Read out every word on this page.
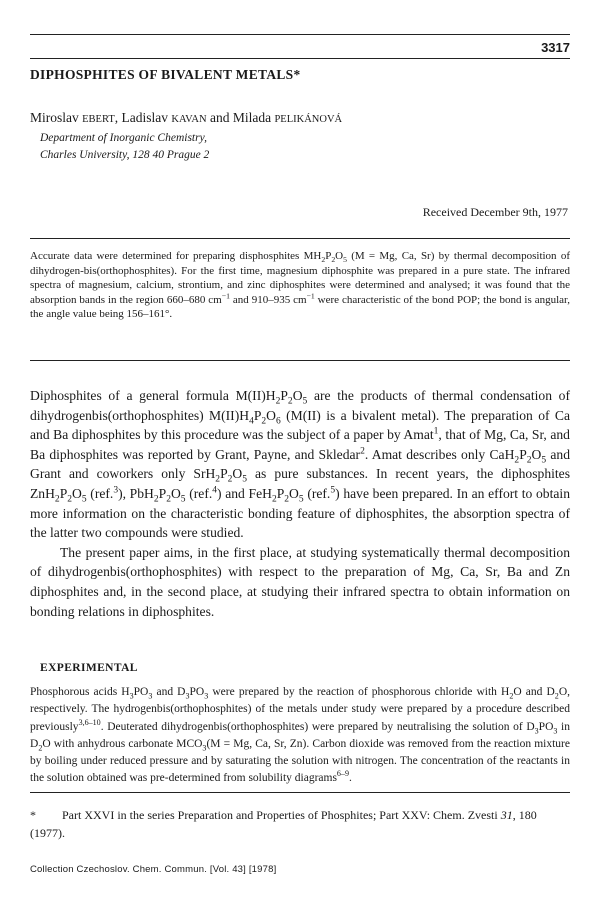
3317
DIPHOSPHITES OF BIVALENT METALS*
Miroslav EBERT, Ladislav KAVAN and Milada PELIKÁNOVÁ
Department of Inorganic Chemistry,
Charles University, 128 40 Prague 2
Received December 9th, 1977
Accurate data were determined for preparing disphosphites $MH_2P_2O_5$ (M = Mg, Ca, Sr) by thermal decomposition of dihydrogen-bis(orthophosphites). For the first time, magnesium diphosphite was prepared in a pure state. The infrared spectra of magnesium, calcium, strontium, and zinc diphosphites were determined and analysed; it was found that the absorption bands in the region 660–680 $cm^{-1}$ and 910–935 $cm^{-1}$ were characteristic of the bond POP; the bond is angular, the angle value being 156–161°.

Diphosphites of a general formula $M(II)H_2P_2O_5$ are the products of thermal condensation of dihydrogenbis(orthophosphites) $M(II)H_4P_2O_6$ (M(II) is a bivalent metal). The preparation of Ca and Ba diphosphites by this procedure was the subject of a paper by Amat$^1$, that of Mg, Ca, Sr, and Ba diphosphites was reported by Grant, Payne, and Skledar$^2$. Amat describes only $CaH_2P_2O_5$ and Grant and coworkers only $SrH_2P_2O_5$ as pure substances. In recent years, the diphosphites $ZnH_2P_2O_5$ (ref.$^3$), $PbH_2P_2O_5$ (ref.$^4$) and $FeH_2P_2O_5$ (ref.$^5$) have been prepared. In an effort to obtain more information on the characteristic bonding feature of diphosphites, the absorption spectra of the latter two compounds were studied.

The present paper aims, in the first place, at studying systematically thermal decomposition of dihydrogenbis(orthophosphites) with respect to the preparation of Mg, Ca, Sr, Ba and Zn diphosphites and, in the second place, at studying their infrared spectra to obtain information on bonding relations in diphosphites.

EXPERIMENTAL
Phosphorous acids $H_3PO_3$ and $D_3PO_3$ were prepared by the reaction of phosphorous chloride with $H_2O$ and $D_2O$, respectively. The hydrogenbis(orthophosphites) of the metals under study were prepared by a procedure described previously$^{3,6-10}$. Deuterated dihydrogenbis(orthophosphites) were prepared by neutralising the solution of $D_3PO_3$ in $D_2O$ with anhydrous carbonate $MCO_3(M = Mg$, Ca, Sr, Zn). Carbon dioxide was removed from the reaction mixture by boiling under reduced pressure and by saturating the solution with nitrogen. The concentration of the reactants in the solution obtained was pre-determined from solubility diagrams$^{6-9}$.
* Part XXVI in the series Preparation and Properties of Phosphites; Part XXV: Chem. Zvesti 31, 180 (1977).
Collection Czechoslov. Chem. Commun. [Vol. 43] [1978]
